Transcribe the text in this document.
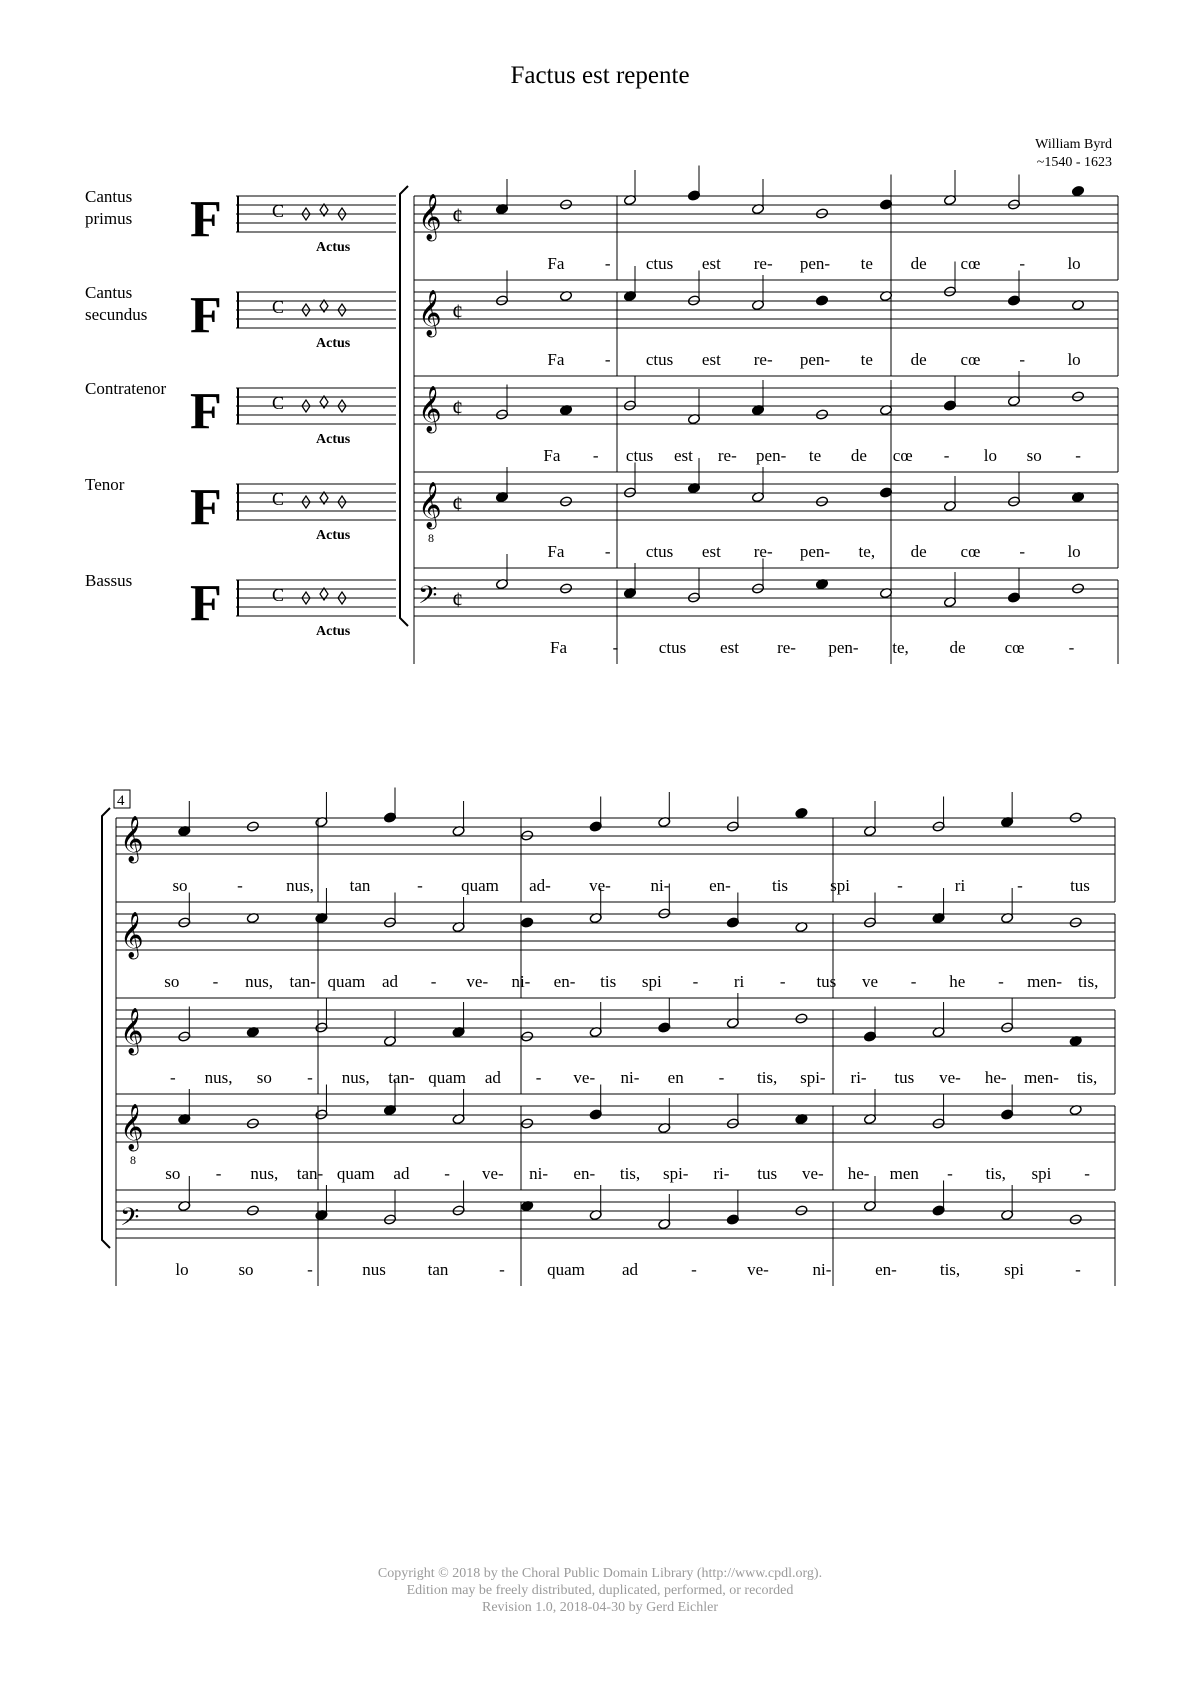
Factus est repente
William Byrd
~1540 - 1623
Cantus
primus
Cantus
secundus
Contratenor
Tenor
Bassus
F	Actus
F	Actus
F	Actus
F	Actus
F	Actus
C
C
C
C
C
𝄞 ¢
𝄞 ¢
𝄞 ¢
𝄞 ¢
8
𝄢 ¢
𝄞
𝄞
𝄞
𝄞
8
𝄢
4
Fa - ctus est re- pen- te de cœ - lo
Fa - ctus est re- pen- te de cœ - lo
Fa - ctus est re- pen- te de cœ - lo so -
Fa - ctus est re- pen- te, de cœ - lo
Fa	- ctus est re- pen- te, de cœ	-
so	-	nus, tan	- quam ad- ve- ni- en- tis spi	-	ri	-	tus
so - nus, tan- quam ad - ve- ni- en- tis spi - ri - tus ve - he - men- tis,
- nus, so - nus, tan- quam ad - ve- ni- en - tis, spi- ri- tus ve- he- men- tis,
so - nus, tan- quam ad - ve- ni- en- tis, spi- ri- tus ve- he- men - tis, spi -
lo	so	-	nus tan	- quam ad	-	ve-	ni-	en-	tis,	spi	-
Copyright © 2018 by the Choral Public Domain Library (http://www.cpdl.org).
Edition may be freely distributed, duplicated, performed, or recorded
Revision 1.0, 2018-04-30 by Gerd Eichler
